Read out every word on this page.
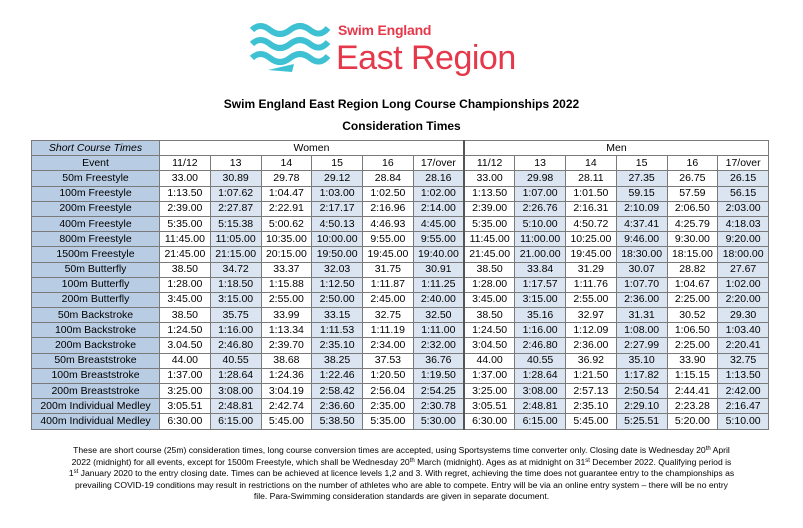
Swim England
East Region
Swim England East Region Long Course Championships 2022
Consideration Times
Short Course Times	Women						Men					
Event	11/12	13	14	15	16	17/over	11/12	13	14	15	16	17/over
50m Freestyle	33.00	30.89	29.78	29.12	28.84	28.16	33.00	29.98	28.11	27.35	26.75	26.15
100m Freestyle	1:13.50	1:07.62	1:04.47	1:03.00	1:02.50	1:02.00	1:13.50	1:07.00	1:01.50	59.15	57.59	56.15
200m Freestyle	2:39.00	2:27.87	2:22.91	2:17.17	2:16.96	2:14.00	2:39.00	2:26.76	2:16.31	2:10.09	2:06.50	2:03.00
400m Freestyle	5:35.00	5:15.38	5:00.62	4:50.13	4:46.93	4:45.00	5:35.00	5:10.00	4:50.72	4:37.41	4:25.79	4:18.03
800m Freestyle	11:45.00	11:05.00	10:35.00	10:00.00	9:55.00	9:55.00	11:45.00	11:00.00	10:25.00	9:46.00	9:30.00	9:20.00
1500m Freestyle	21:45.00	21:15.00	20:15.00	19:50.00	19:45.00	19:40.00	21:45.00	21.00.00	19:45.00	18:30.00	18:15.00	18:00.00
50m Butterfly	38.50	34.72	33.37	32.03	31.75	30.91	38.50	33.84	31.29	30.07	28.82	27.67
100m Butterfly	1:28.00	1:18.50	1:15.88	1:12.50	1:11.87	1:11.25	1:28.00	1:17.57	1:11.76	1:07.70	1:04.67	1:02.00
200m Butterfly	3:45.00	3:15.00	2:55.00	2:50.00	2:45.00	2:40.00	3:45.00	3:15.00	2:55.00	2:36.00	2:25.00	2:20.00
50m Backstroke	38.50	35.75	33.99	33.15	32.75	32.50	38.50	35.16	32.97	31.31	30.52	29.30
100m Backstroke	1:24.50	1:16.00	1:13.34	1:11.53	1:11.19	1:11.00	1:24.50	1:16.00	1:12.09	1:08.00	1:06.50	1:03.40
200m Backstroke	3.04.50	2:46.80	2:39.70	2:35.10	2:34.00	2:32.00	3:04.50	2:46.80	2:36.00	2:27.99	2:25.00	2:20.41
50m Breaststroke	44.00	40.55	38.68	38.25	37.53	36.76	44.00	40.55	36.92	35.10	33.90	32.75
100m Breaststroke	1:37.00	1:28.64	1:24.36	1:22.46	1:20.50	1:19.50	1:37.00	1:28.64	1:21.50	1:17.82	1:15.15	1:13.50
200m Breaststroke	3:25.00	3:08.00	3:04.19	2:58.42	2:56.04	2:54.25	3:25.00	3:08.00	2:57.13	2:50.54	2:44.41	2:42.00
200m Individual Medley	3:05.51	2:48.81	2:42.74	2:36.60	2:35.00	2:30.78	3:05.51	2:48.81	2:35.10	2:29.10	2:23.28	2:16.47
400m Individual Medley	6:30.00	6:15.00	5:45.00	5:38.50	5:35.00	5:30.00	6:30.00	6:15.00	5:45.00	5:25.51	5:20.00	5:10.00
These are short course (25m) consideration times, long course conversion times are accepted, using Sportsystems time converter only. Closing date is Wednesday 20th April
2022 (midnight) for all events, except for 1500m Freestyle, which shall be Wednesday 20th March (midnight). Ages as at midnight on 31st December 2022. Qualifying period is
1st January 2020 to the entry closing date. Times can be achieved at licence levels 1,2 and 3. With regret, achieving the time does not guarantee entry to the championships as
prevailing COVID-19 conditions may result in restrictions on the number of athletes who are able to compete. Entry will be via an online entry system – there will be no entry
file. Para-Swimming consideration standards are given in separate document.
